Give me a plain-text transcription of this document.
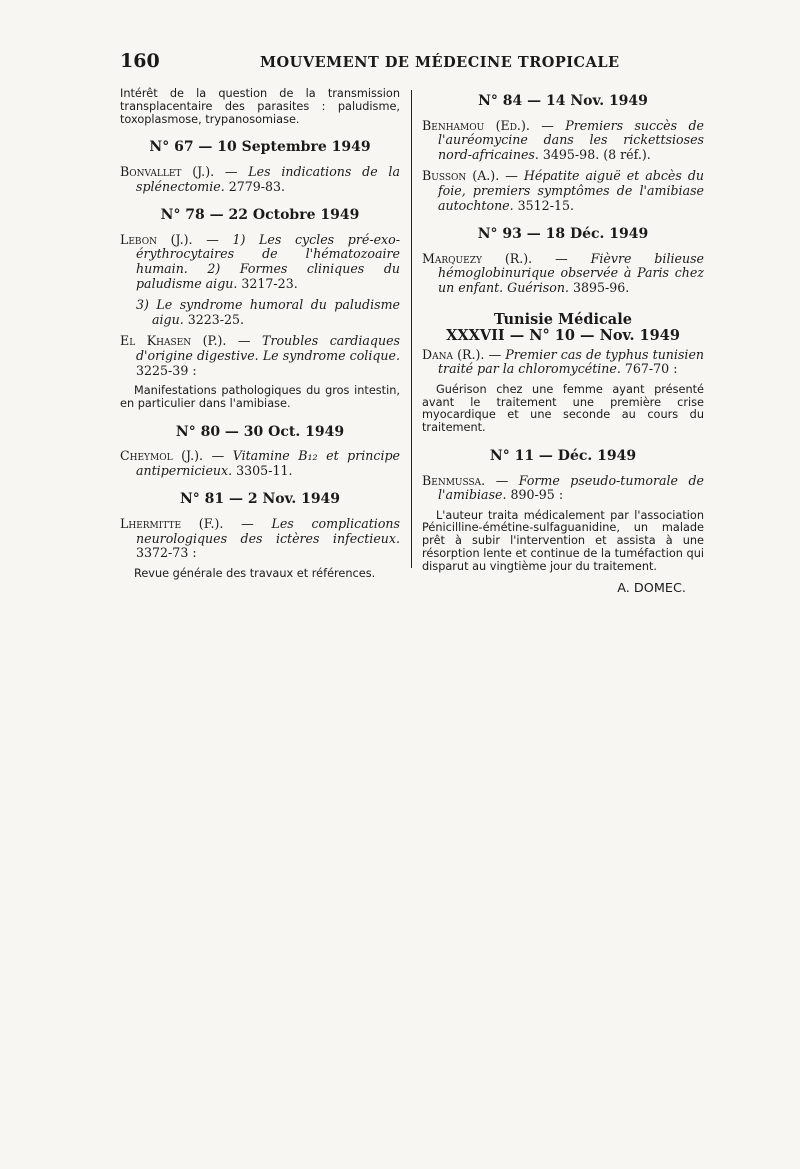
160	MOUVEMENT DE MÉDECINE TROPICALE

Intérêt de la question de la transmission transplacentaire des parasites : paludisme, toxoplasmose, trypanosomiase.

N° 67 — 10 Septembre 1949

Bonvallet (J.). — Les indications de la splénectomie. 2779-83.

N° 78 — 22 Octobre 1949

Lebon (J.). — 1) Les cycles pré-exo-érythrocytaires de l'hématozoaire humain. 2) Formes cliniques du paludisme aigu. 3217-23.

3) Le syndrome humoral du paludisme aigu. 3223-25.

El Khasen (P.). — Troubles cardiaques d'origine digestive. Le syndrome colique. 3225-39 :

Manifestations pathologiques du gros intestin, en particulier dans l'amibiase.

N° 80 — 30 Oct. 1949

Cheymol (J.). — Vitamine B₁₂ et principe antipernicieux. 3305-11.

N° 81 — 2 Nov. 1949

Lhermitte (F.). — Les complications neurologiques des ictères infectieux. 3372-73 :

Revue générale des travaux et références.

N° 84 — 14 Nov. 1949

Benhamou (Ed.). — Premiers succès de l'auréomycine dans les rickettsioses nord-africaines. 3495-98. (8 réf.).

Busson (A.). — Hépatite aiguë et abcès du foie, premiers symptômes de l'amibiase autochtone. 3512-15.

N° 93 — 18 Déc. 1949

Marquezy (R.). — Fièvre bilieuse hémoglobinurique observée à Paris chez un enfant. Guérison. 3895-96.

Tunisie Médicale
XXXVII — N° 10 — Nov. 1949

Dana (R.). — Premier cas de typhus tunisien traité par la chloromycétine. 767-70 :

Guérison chez une femme ayant présenté avant le traitement une première crise myocardique et une seconde au cours du traitement.

N° 11 — Déc. 1949

Benmussa. — Forme pseudo-tumorale de l'amibiase. 890-95 :

L'auteur traita médicalement par l'association Pénicilline-émétine-sulfaguanidine, un malade prêt à subir l'intervention et assista à une résorption lente et continue de la tuméfaction qui disparut au vingtième jour du traitement.

A. DOMEC.
